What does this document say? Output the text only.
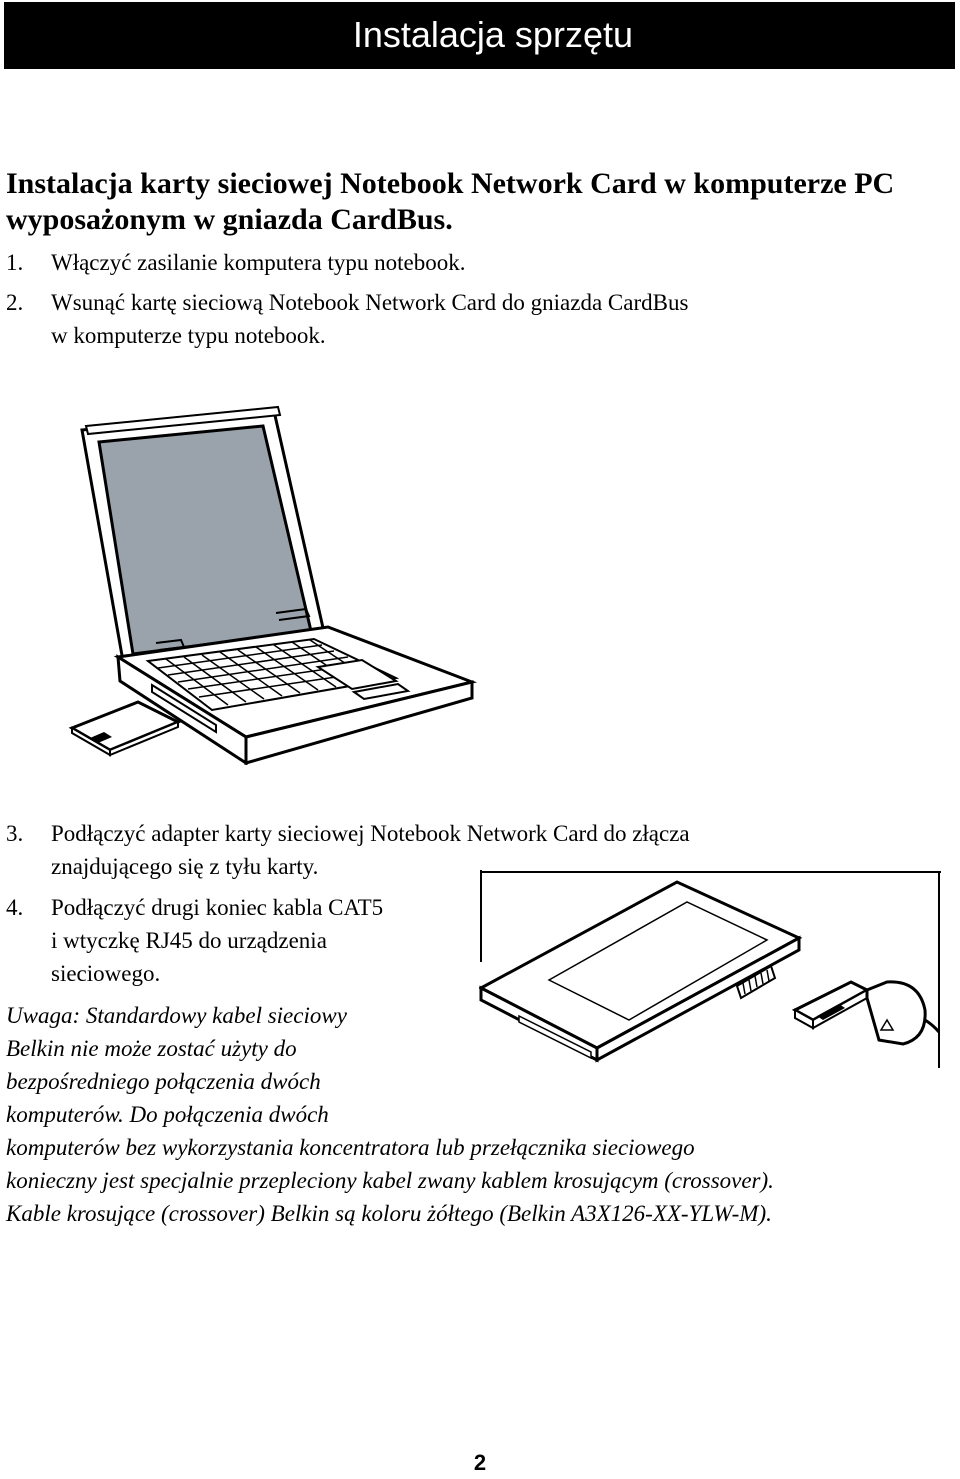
Instalacja sprzętu
Instalacja karty sieciowej Notebook Network Card w komputerze PC wyposażonym w gniazda CardBus.
1. Włączyć zasilanie komputera typu notebook.
2. Wsunąć kartę sieciową Notebook Network Card do gniazda CardBus
w komputerze typu notebook.
3. Podłączyć adapter karty sieciowej Notebook Network Card do złącza
znajdującego się z tyłu karty.
4. Podłączyć drugi koniec kabla CAT5
i wtyczkę RJ45 do urządzenia
sieciowego.
Uwaga: Standardowy kabel sieciowy
Belkin nie może zostać użyty do
bezpośredniego połączenia dwóch
komputerów. Do połączenia dwóch
komputerów bez wykorzystania koncentratora lub przełącznika sieciowego
konieczny jest specjalnie przepleciony kabel zwany kablem krosującym (crossover).
Kable krosujące (crossover) Belkin są koloru żółtego (Belkin A3X126-XX-YLW-M).
2
